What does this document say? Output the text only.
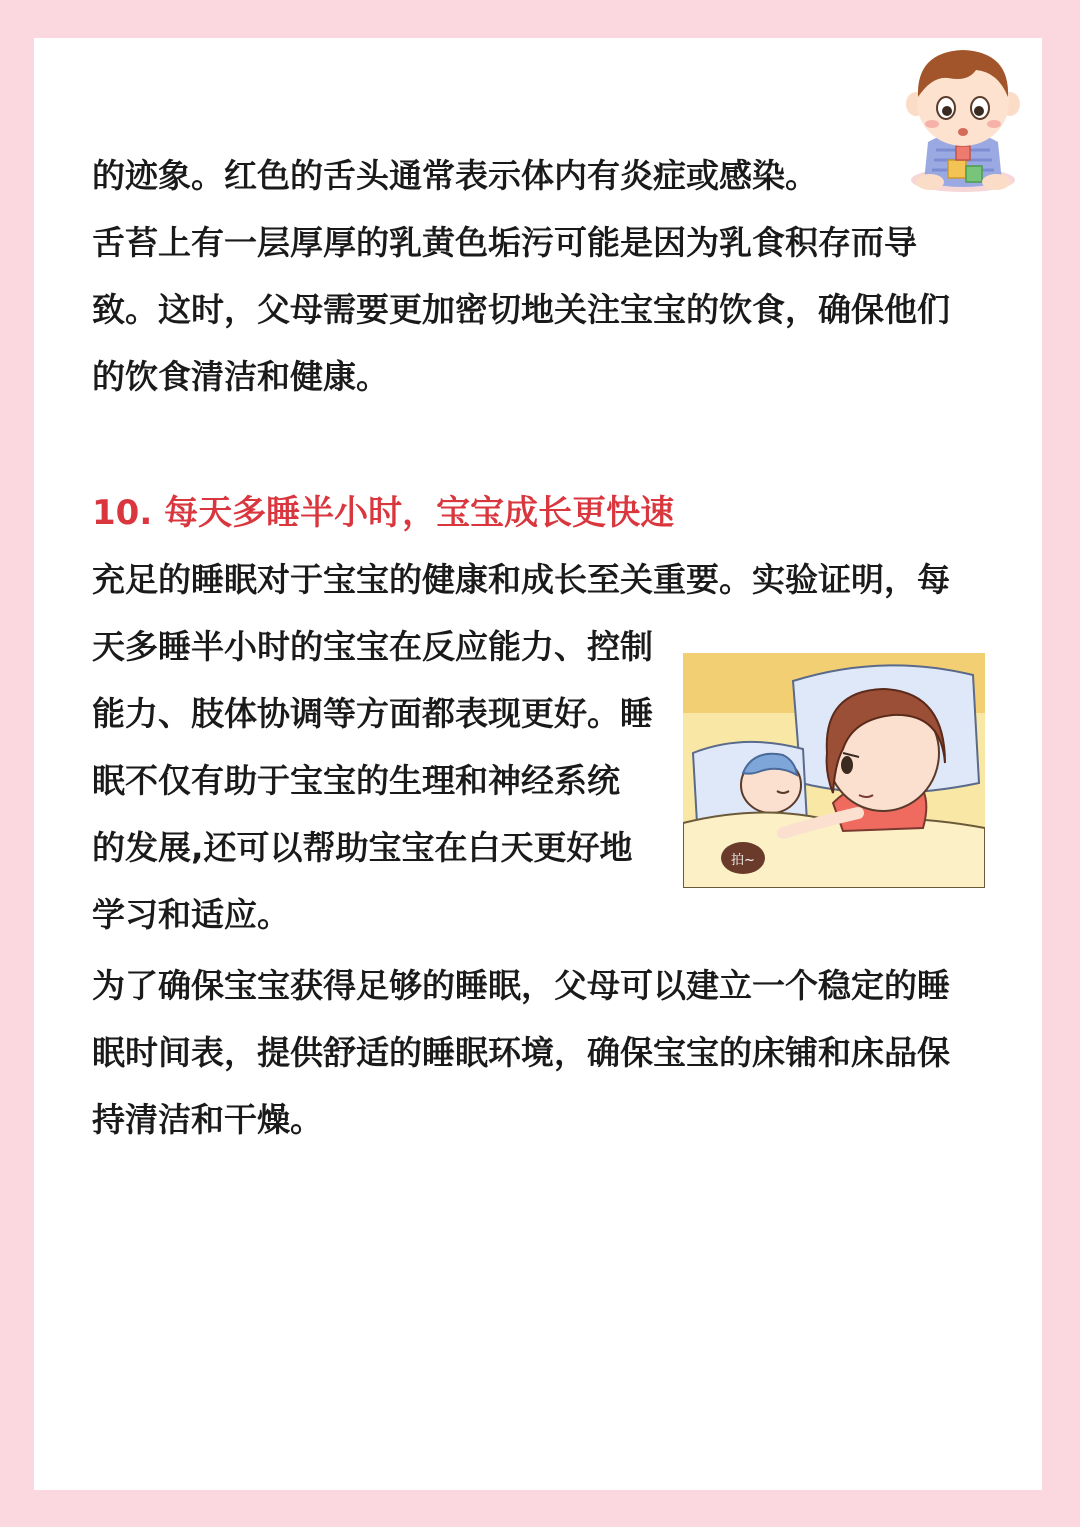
的迹象。红色的舌头通常表示体内有炎症或感染。
舌苔上有一层厚厚的乳黄色垢污可能是因为乳食积存而导
致。这时，父母需要更加密切地关注宝宝的饮食，确保他们
的饮食清洁和健康。

10. 每天多睡半小时，宝宝成长更快速

充足的睡眠对于宝宝的健康和成长至关重要。实验证明，每
天多睡半小时的宝宝在反应能力、控制
能力、肢体协调等方面都表现更好。睡
眠不仅有助于宝宝的生理和神经系统
的发展,还可以帮助宝宝在白天更好地
学习和适应。

拍~

为了确保宝宝获得足够的睡眠，父母可以建立一个稳定的睡
眠时间表，提供舒适的睡眠环境，确保宝宝的床铺和床品保
持清洁和干燥。
